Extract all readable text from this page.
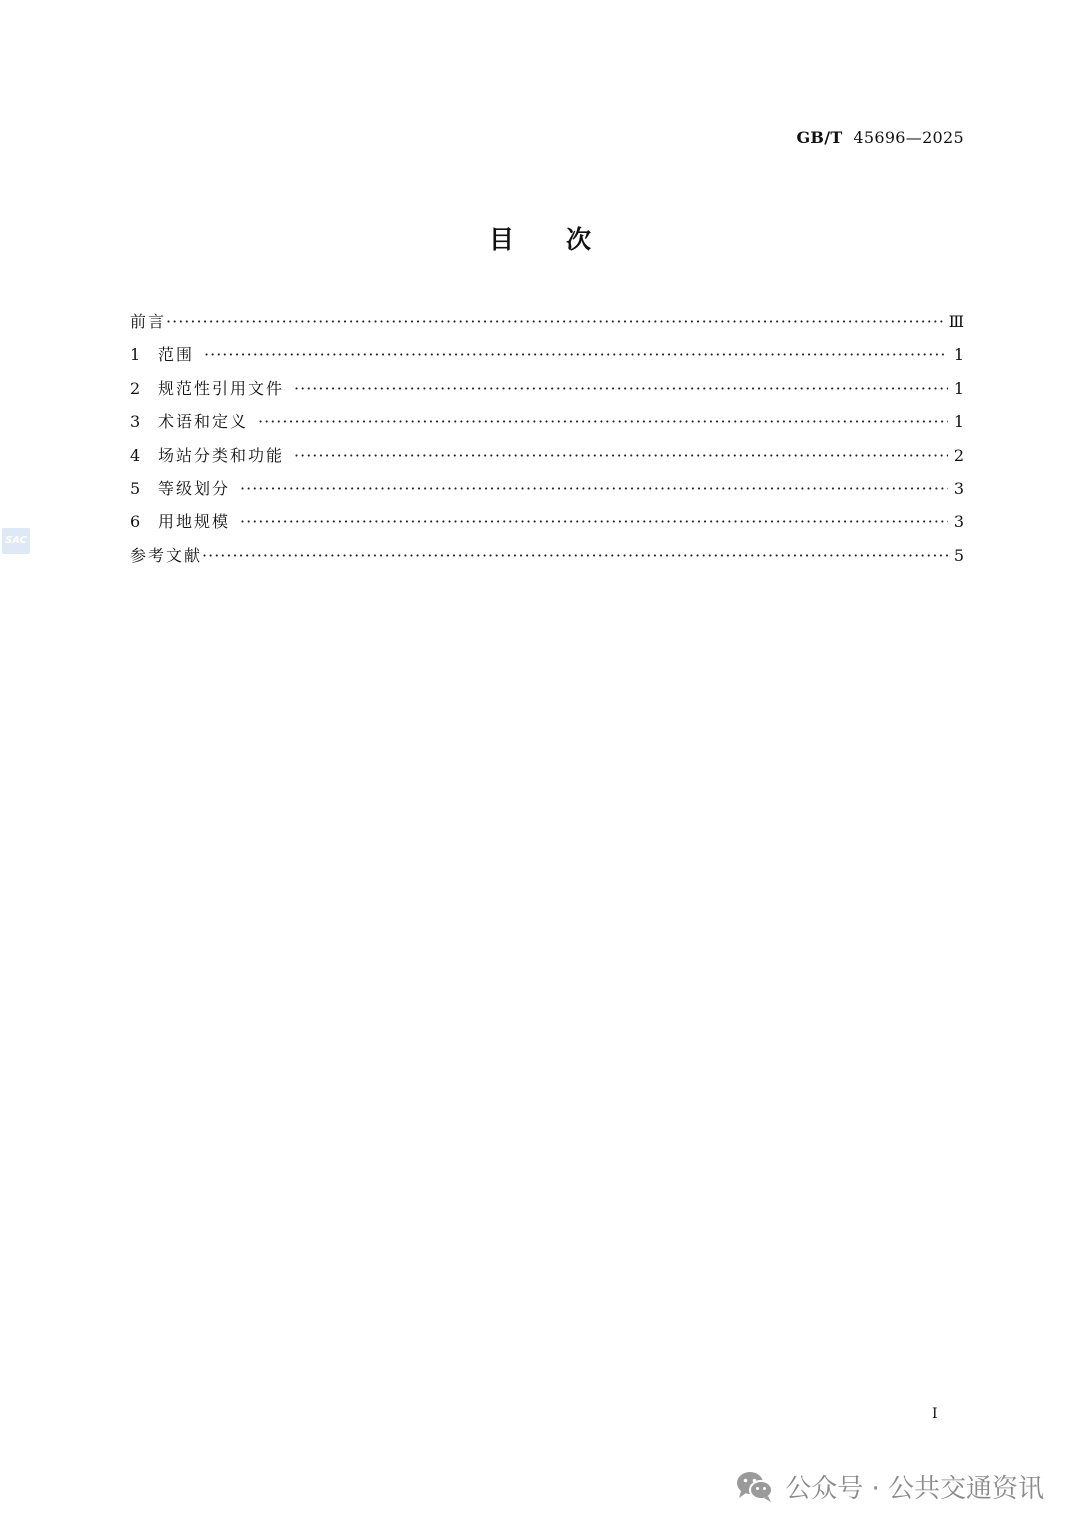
GB/T 45696—2025
目次
前言 ·····	Ⅲ
1	范围 ·····	1
2	规范性引用文件 ·····	1
3	术语和定义 ·····	1
4	场站分类和功能 ·····	2
5	等级划分 ·····	3
6	用地规模 ·····	3
参考文献 ·····	5
SAC
Ⅰ
公众号 · 公共交通资讯
